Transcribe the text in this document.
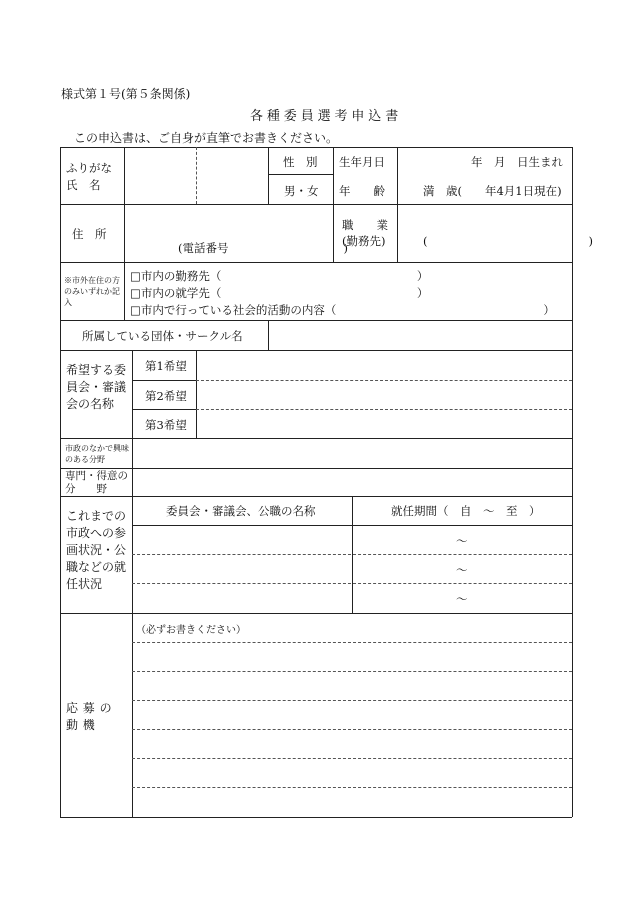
様式第１号(第５条関係)
各種委員選考申込書
この申込書は、ご自身が直筆でお書きください。
ふりがな
氏　名
性　別
男・女
生年月日
年　　齢
年　月　日生まれ
満　歳(　　年4月1日現在)
住　所
(電話番号　　　　　　　　　　)
職　　業
(勤務先)	(　　　　　　　　　　　　　　)
※市外在住の方のみいずれか記入
□市内の勤務先（　　　　　　　　　　　　　　　　　）
□市内の就学先（　　　　　　　　　　　　　　　　　）
□市内で行っている社会的活動の内容（　　　　　　　　　　　　　　　　　　）
所属している団体・サークル名
希望する委員会・審議会の名称
第1希望
第2希望
第3希望
市政のなかで興味のある分野
専門・得意の分　　野
これまでの市政への参画状況・公職などの就任状況
委員会・審議会、公職の名称	就任期間（　自　～　至　）
～
～
～
応募の動機
（必ずお書きください）
